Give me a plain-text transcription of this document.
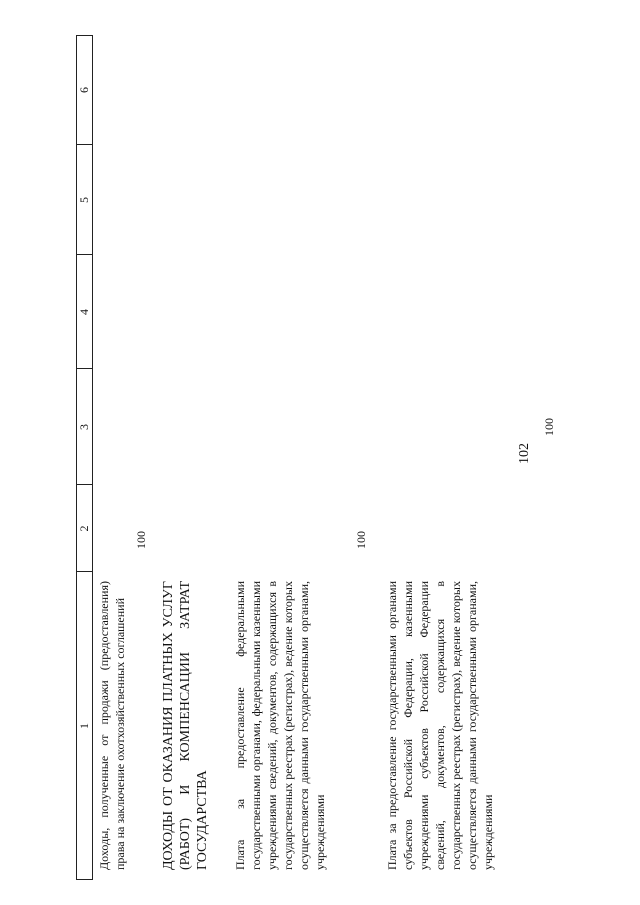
102
1
2
3
4
5
6

Доходы, полученные от продажи (предоставления) права на заключение охотхозяйственных соглашений

100

ДОХОДЫ ОТ ОКАЗАНИЯ ПЛАТНЫХ УСЛУГ (РАБОТ) И КОМПЕНСАЦИИ ЗАТРАТ ГОСУДАРСТВА Плата за предоставление федеральными государственными органами, федеральными казенными учреждениями сведений, документов, содержащихся в государственных реестрах (регистрах), ведение которых осуществляется данными государственными органами, учреждениями

100

Плата за предоставление государственными органами субъектов Российской Федерации, казенными учреждениями субъектов Российской Федерации сведений, документов, содержащихся в государственных реестрах (регистрах), ведение которых осуществляется данными государственными органами, учреждениями

100
